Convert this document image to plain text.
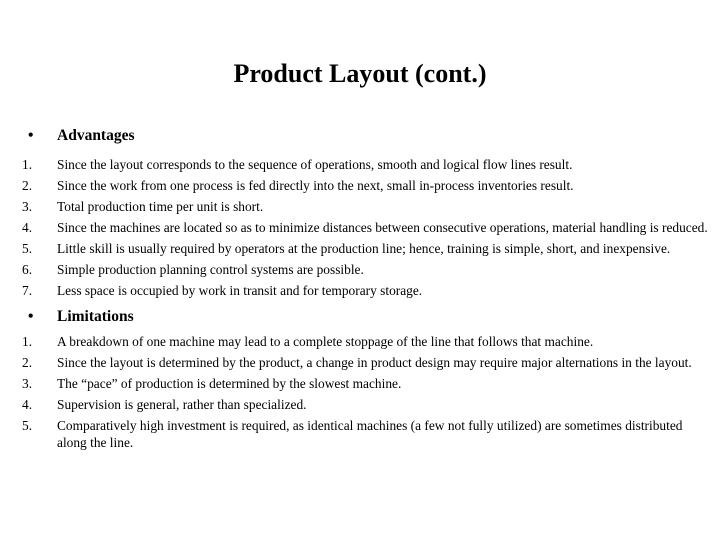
Product Layout (cont.)
• Advantages
1. Since the layout corresponds to the sequence of operations, smooth and logical flow lines result.
2. Since the work from one process is fed directly into the next, small in-process inventories result.
3. Total production time per unit is short.
4. Since the machines are located so as to minimize distances between consecutive operations, material handling is reduced.
5. Little skill is usually required by operators at the production line; hence, training is simple, short, and inexpensive.
6. Simple production planning control systems are possible.
7. Less space is occupied by work in transit and for temporary storage.
• Limitations
1. A breakdown of one machine may lead to a complete stoppage of the line that follows that machine.
2. Since the layout is determined by the product, a change in product design may require major alternations in the layout.
3. The “pace” of production is determined by the slowest machine.
4. Supervision is general, rather than specialized.
5. Comparatively high investment is required, as identical machines (a few not fully utilized) are sometimes distributed along the line.
